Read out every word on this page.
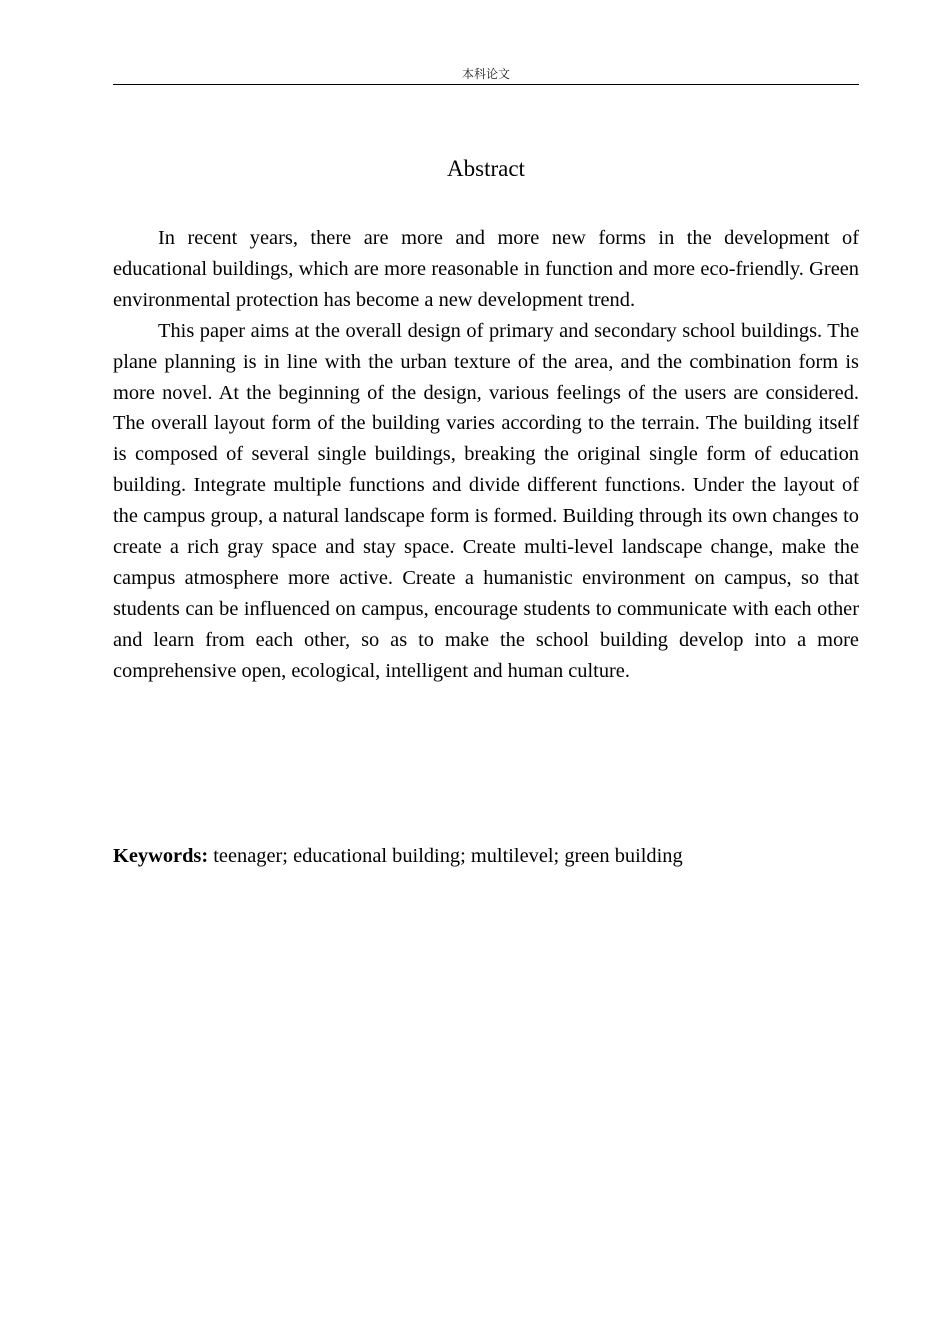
本科论文
Abstract

In recent years, there are more and more new forms in the development of educational buildings, which are more reasonable in function and more eco-friendly. Green environmental protection has become a new development trend.

This paper aims at the overall design of primary and secondary school buildings. The plane planning is in line with the urban texture of the area, and the combination form is more novel. At the beginning of the design, various feelings of the users are considered. The overall layout form of the building varies according to the terrain. The building itself is composed of several single buildings, breaking the original single form of education building. Integrate multiple functions and divide different functions. Under the layout of the campus group, a natural landscape form is formed. Building through its own changes to create a rich gray space and stay space. Create multi-level landscape change, make the campus atmosphere more active. Create a humanistic environment on campus, so that students can be influenced on campus, encourage students to communicate with each other and learn from each other, so as to make the school building develop into a more comprehensive open, ecological, intelligent and human culture.

Keywords: teenager; educational building; multilevel; green building
